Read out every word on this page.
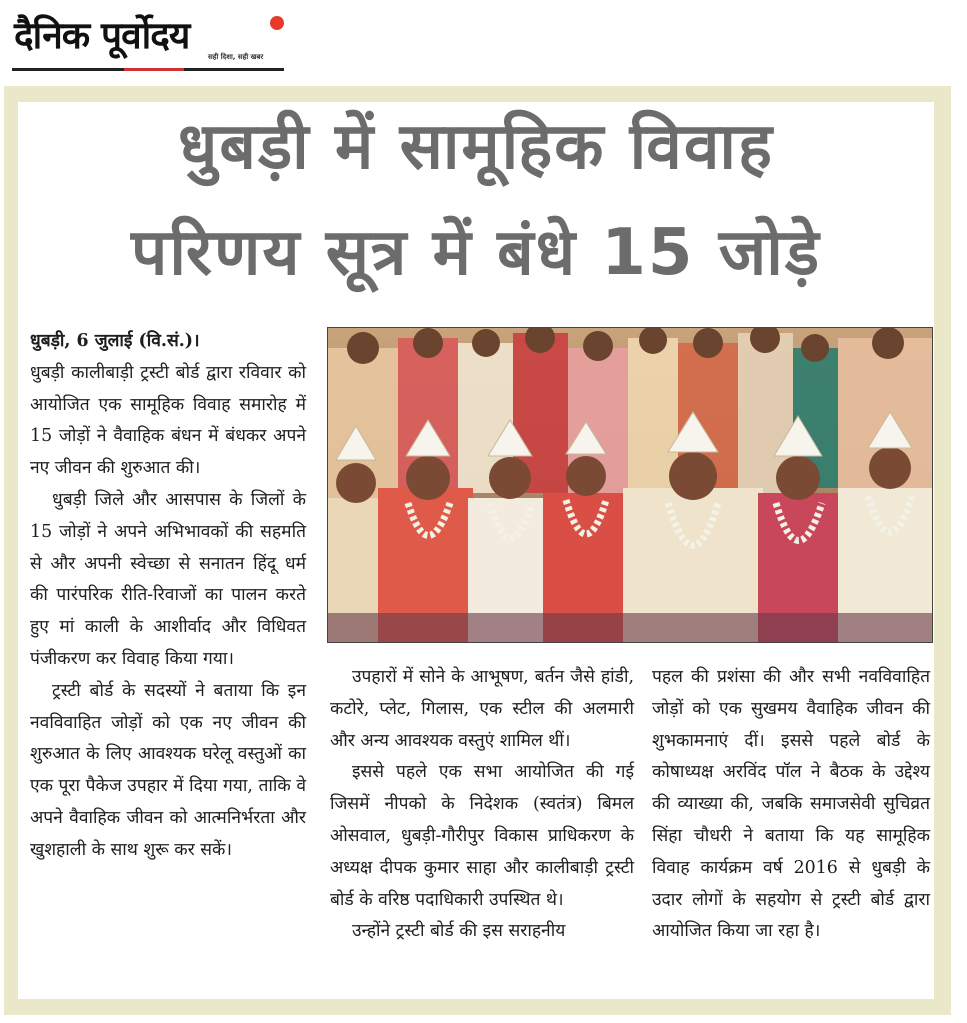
दैनिक पूर्वोदय	सही दिशा, सही खबर
धुबड़ी में सामूहिक विवाह
परिणय सूत्र में बंधे 15 जोड़े

धुबड़ी, 6 जुलाई (वि.सं.)।
धुबड़ी कालीबाड़ी ट्रस्टी बोर्ड द्वारा रविवार को आयोजित एक सामूहिक विवाह समारोह में 15 जोड़ों ने वैवाहिक बंधन में बंधकर अपने नए जीवन की शुरुआत की।

धुबड़ी जिले और आसपास के जिलों के 15 जोड़ों ने अपने अभिभावकों की सहमति से और अपनी स्वेच्छा से सनातन हिंदू धर्म की पारंपरिक रीति-रिवाजों का पालन करते हुए मां काली के आशीर्वाद और विधिवत पंजीकरण कर विवाह किया गया।

ट्रस्टी बोर्ड के सदस्यों ने बताया कि इन नवविवाहित जोड़ों को एक नए जीवन की शुरुआत के लिए आवश्यक घरेलू वस्तुओं का एक पूरा पैकेज उपहार में दिया गया, ताकि वे अपने वैवाहिक जीवन को आत्मनिर्भरता और खुशहाली के साथ शुरू कर सकें।

उपहारों में सोने के आभूषण, बर्तन जैसे हांडी, कटोरे, प्लेट, गिलास, एक स्टील की अलमारी और अन्य आवश्यक वस्तुएं शामिल थीं।

इससे पहले एक सभा आयोजित की गई जिसमें नीपको के निदेशक (स्वतंत्र) बिमल ओसवाल, धुबड़ी-गौरीपुर विकास प्राधिकरण के अध्यक्ष दीपक कुमार साहा और कालीबाड़ी ट्रस्टी बोर्ड के वरिष्ठ पदाधिकारी उपस्थित थे।

उन्होंने ट्रस्टी बोर्ड की इस सराहनीय

पहल की प्रशंसा की और सभी नवविवाहित जोड़ों को एक सुखमय वैवाहिक जीवन की शुभकामनाएं दीं। इससे पहले बोर्ड के कोषाध्यक्ष अरविंद पॉल ने बैठक के उद्देश्य की व्याख्या की, जबकि समाजसेवी सुचिव्रत सिंहा चौधरी ने बताया कि यह सामूहिक विवाह कार्यक्रम वर्ष 2016 से धुबड़ी के उदार लोगों के सहयोग से ट्रस्टी बोर्ड द्वारा आयोजित किया जा रहा है।
